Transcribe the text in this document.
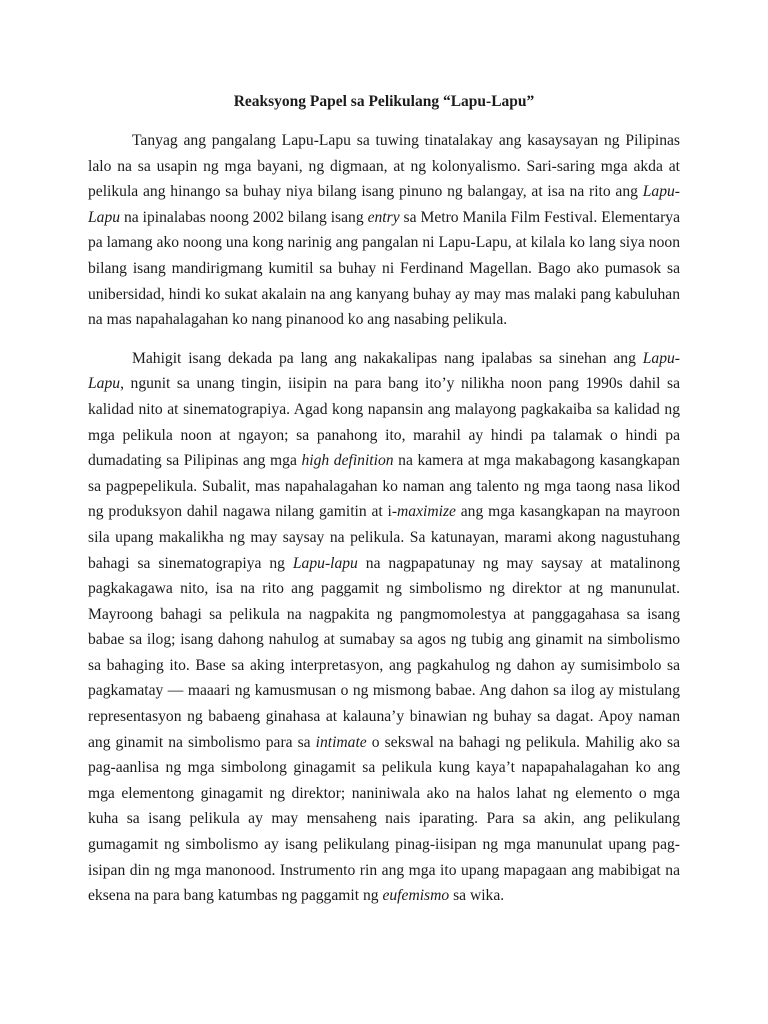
Reaksyong Papel sa Pelikulang “Lapu-Lapu”

Tanyag ang pangalang Lapu-Lapu sa tuwing tinatalakay ang kasaysayan ng Pilipinas lalo na sa usapin ng mga bayani, ng digmaan, at ng kolonyalismo. Sari-saring mga akda at pelikula ang hinango sa buhay niya bilang isang pinuno ng balangay, at isa na rito ang Lapu-Lapu na ipinalabas noong 2002 bilang isang entry sa Metro Manila Film Festival. Elementarya pa lamang ako noong una kong narinig ang pangalan ni Lapu-Lapu, at kilala ko lang siya noon bilang isang mandirigmang kumitil sa buhay ni Ferdinand Magellan. Bago ako pumasok sa unibersidad, hindi ko sukat akalain na ang kanyang buhay ay may mas malaki pang kabuluhan na mas napahalagahan ko nang pinanood ko ang nasabing pelikula.

Mahigit isang dekada pa lang ang nakakalipas nang ipalabas sa sinehan ang Lapu-Lapu, ngunit sa unang tingin, iisipin na para bang ito’y nilikha noon pang 1990s dahil sa kalidad nito at sinematograpiya. Agad kong napansin ang malayong pagkakaiba sa kalidad ng mga pelikula noon at ngayon; sa panahong ito, marahil ay hindi pa talamak o hindi pa dumadating sa Pilipinas ang mga high definition na kamera at mga makabagong kasangkapan sa pagpepelikula. Subalit, mas napahalagahan ko naman ang talento ng mga taong nasa likod ng produksyon dahil nagawa nilang gamitin at i-maximize ang mga kasangkapan na mayroon sila upang makalikha ng may saysay na pelikula. Sa katunayan, marami akong nagustuhang bahagi sa sinematograpiya ng Lapu-lapu na nagpapatunay ng may saysay at matalinong pagkakagawa nito, isa na rito ang paggamit ng simbolismo ng direktor at ng manunulat. Mayroong bahagi sa pelikula na nagpakita ng pangmomolestya at panggagahasa sa isang babae sa ilog; isang dahong nahulog at sumabay sa agos ng tubig ang ginamit na simbolismo sa bahaging ito. Base sa aking interpretasyon, ang pagkahulog ng dahon ay sumisimbolo sa pagkamatay — maaari ng kamusmusan o ng mismong babae. Ang dahon sa ilog ay mistulang representasyon ng babaeng ginahasa at kalauna’y binawian ng buhay sa dagat. Apoy naman ang ginamit na simbolismo para sa intimate o sekswal na bahagi ng pelikula. Mahilig ako sa pag-aanlisa ng mga simbolong ginagamit sa pelikula kung kaya’t napapahalagahan ko ang mga elementong ginagamit ng direktor; naniniwala ako na halos lahat ng elemento o mga kuha sa isang pelikula ay may mensaheng nais iparating. Para sa akin, ang pelikulang gumagamit ng simbolismo ay isang pelikulang pinag-iisipan ng mga manunulat upang pag-isipan din ng mga manonood. Instrumento rin ang mga ito upang mapagaan ang mabibigat na eksena na para bang katumbas ng paggamit ng eufemismo sa wika.
